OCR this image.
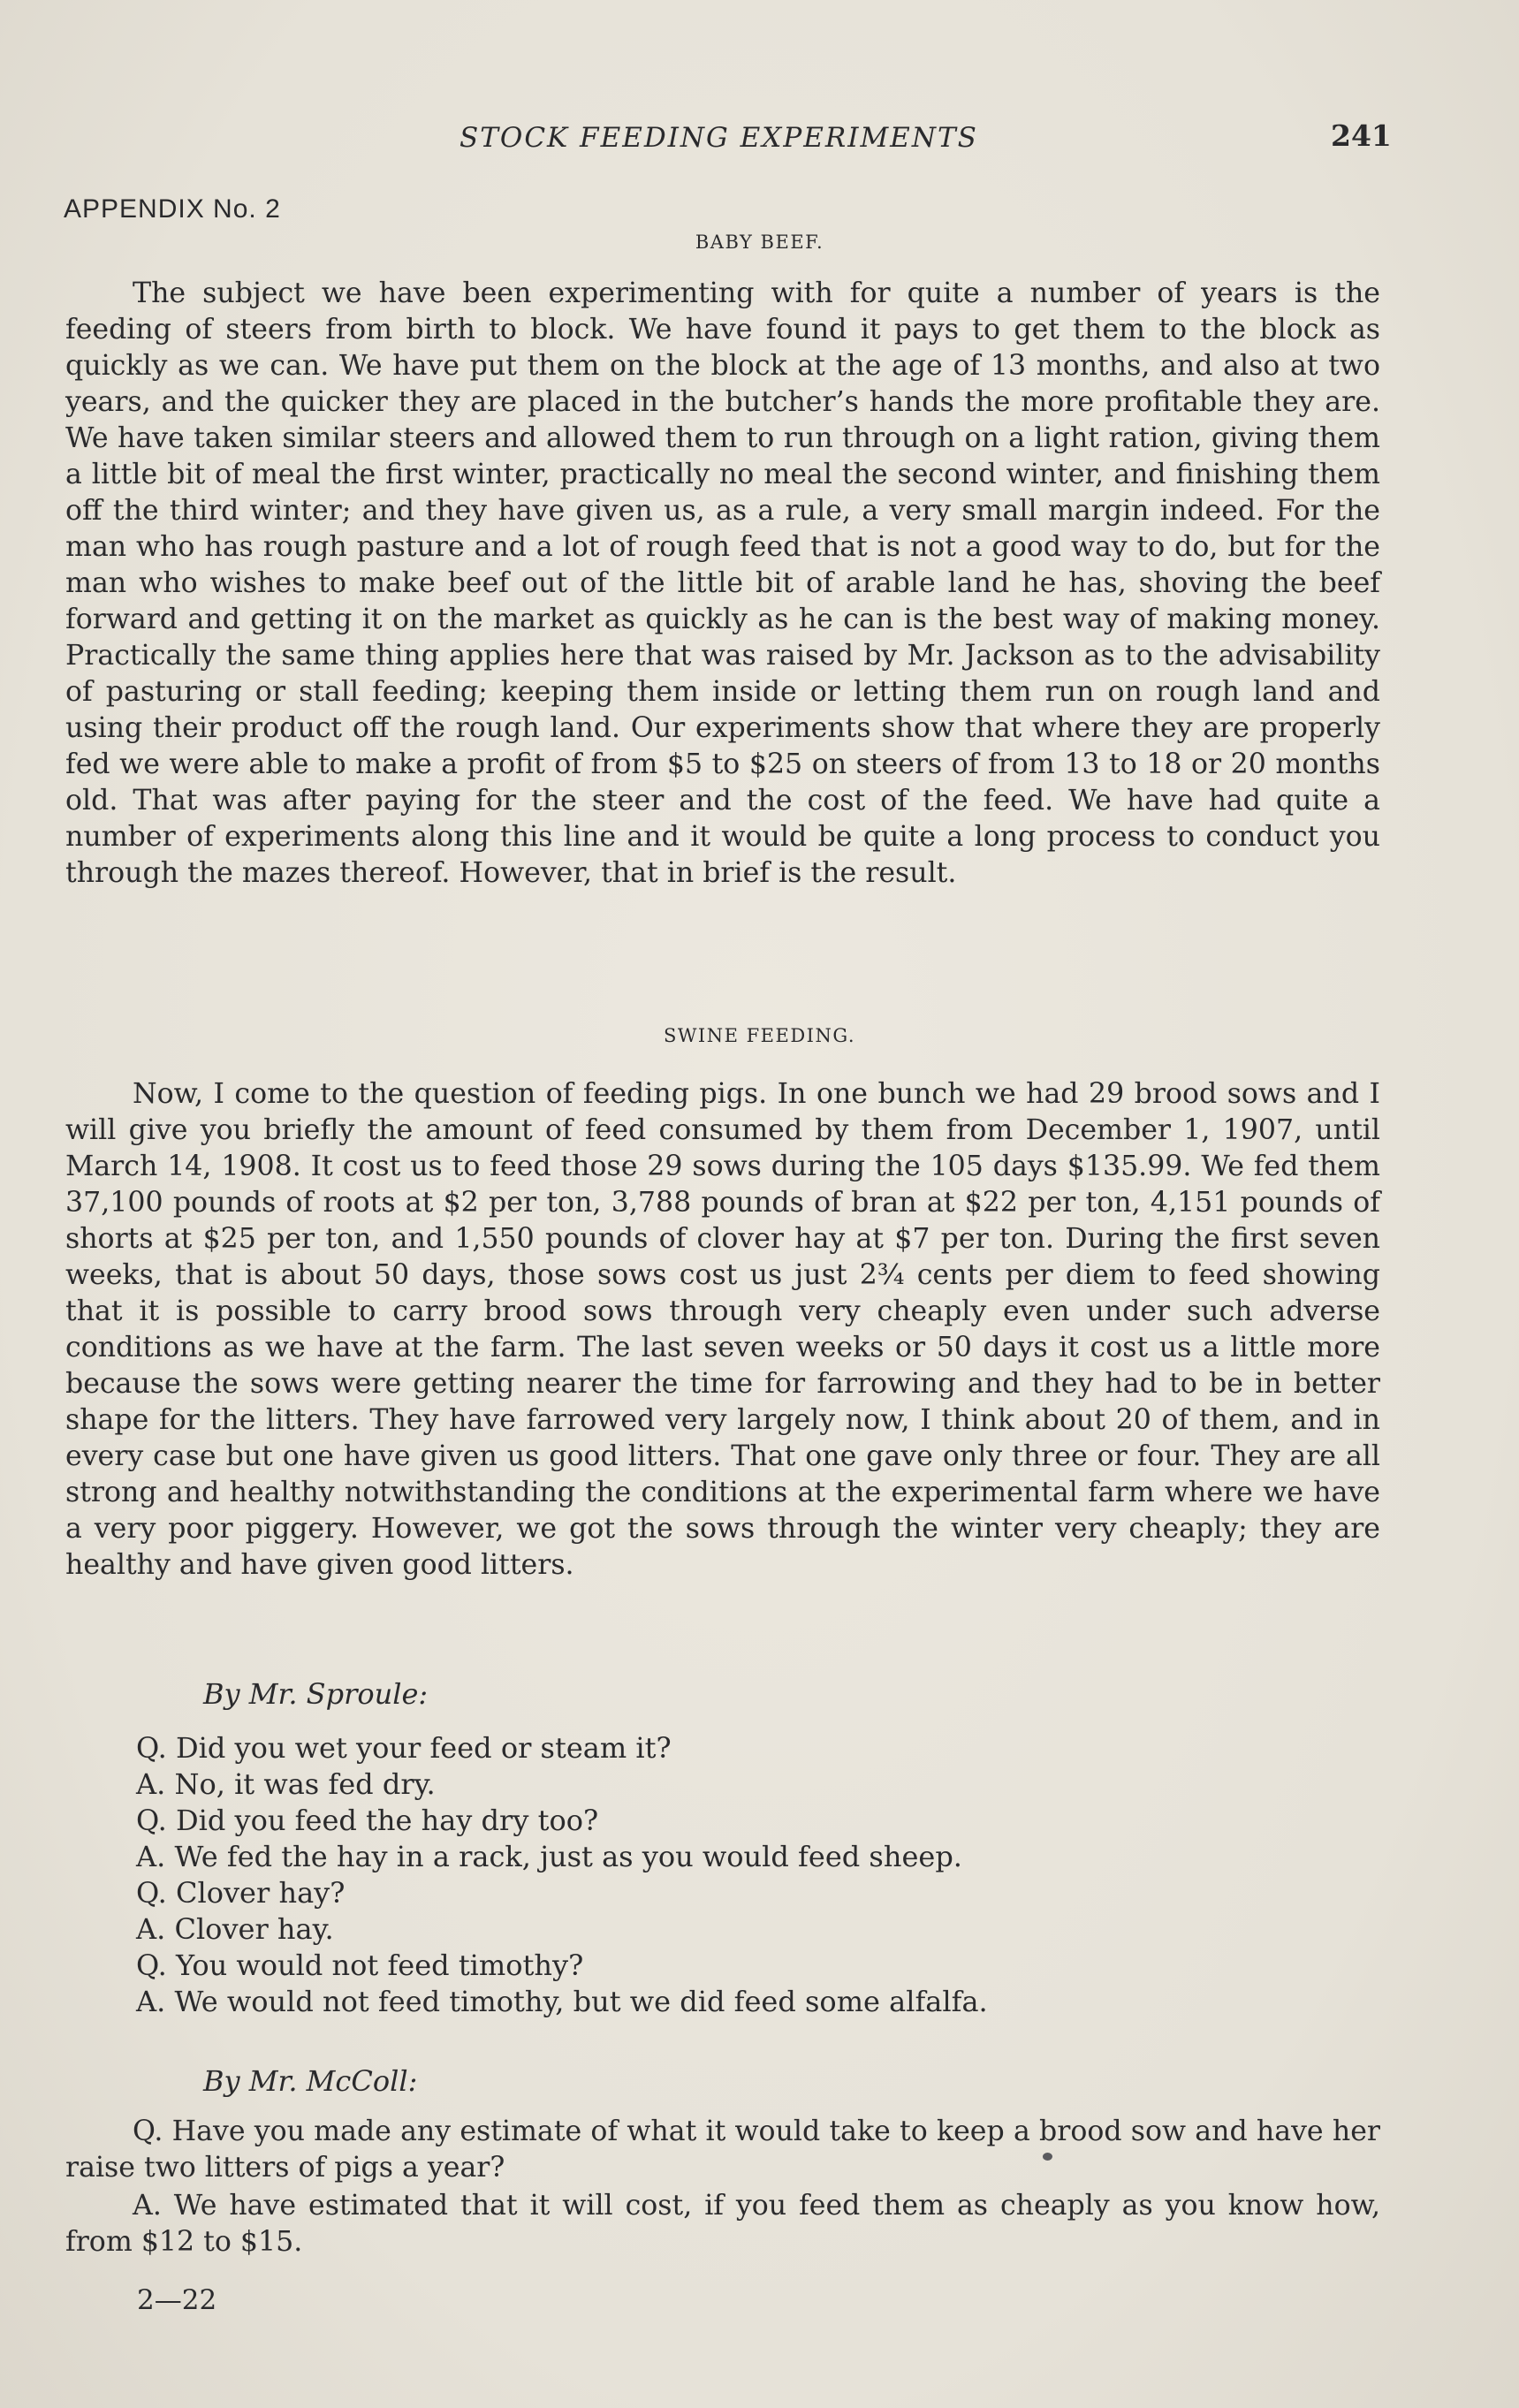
STOCK FEEDING EXPERIMENTS	241
APPENDIX No. 2
BABY BEEF.

The subject we have been experimenting with for quite a number of years is the feeding of steers from birth to block. We have found it pays to get them to the block as quickly as we can. We have put them on the block at the age of 13 months, and also at two years, and the quicker they are placed in the butcher’s hands the more profitable they are. We have taken similar steers and allowed them to run through on a light ration, giving them a little bit of meal the first winter, practically no meal the second winter, and finishing them off the third winter; and they have given us, as a rule, a very small margin indeed. For the man who has rough pasture and a lot of rough feed that is not a good way to do, but for the man who wishes to make beef out of the little bit of arable land he has, shoving the beef forward and getting it on the market as quickly as he can is the best way of making money. Practically the same thing applies here that was raised by Mr. Jackson as to the advisability of pasturing or stall feeding; keeping them inside or letting them run on rough land and using their product off the rough land. Our experiments show that where they are properly fed we were able to make a profit of from $5 to $25 on steers of from 13 to 18 or 20 months old. That was after paying for the steer and the cost of the feed. We have had quite a number of experiments along this line and it would be quite a long process to conduct you through the mazes thereof. However, that in brief is the result.

SWINE FEEDING.

Now, I come to the question of feeding pigs. In one bunch we had 29 brood sows and I will give you briefly the amount of feed consumed by them from December 1, 1907, until March 14, 1908. It cost us to feed those 29 sows during the 105 days $135.99. We fed them 37,100 pounds of roots at $2 per ton, 3,788 pounds of bran at $22 per ton, 4,151 pounds of shorts at $25 per ton, and 1,550 pounds of clover hay at $7 per ton. During the first seven weeks, that is about 50 days, those sows cost us just 2¾ cents per diem to feed showing that it is possible to carry brood sows through very cheaply even under such adverse conditions as we have at the farm. The last seven weeks or 50 days it cost us a little more because the sows were getting nearer the time for farrowing and they had to be in better shape for the litters. They have farrowed very largely now, I think about 20 of them, and in every case but one have given us good litters. That one gave only three or four. They are all strong and healthy notwithstanding the conditions at the experimental farm where we have a very poor piggery. However, we got the sows through the winter very cheaply; they are healthy and have given good litters.

By Mr. Sproule:
Q. Did you wet your feed or steam it?
A. No, it was fed dry.
Q. Did you feed the hay dry too?
A. We fed the hay in a rack, just as you would feed sheep.
Q. Clover hay?
A. Clover hay.
Q. You would not feed timothy?
A. We would not feed timothy, but we did feed some alfalfa.
By Mr. McColl:

Q. Have you made any estimate of what it would take to keep a brood sow and have her raise two litters of pigs a year?

A. We have estimated that it will cost, if you feed them as cheaply as you know how, from $12 to $15.

2—22
